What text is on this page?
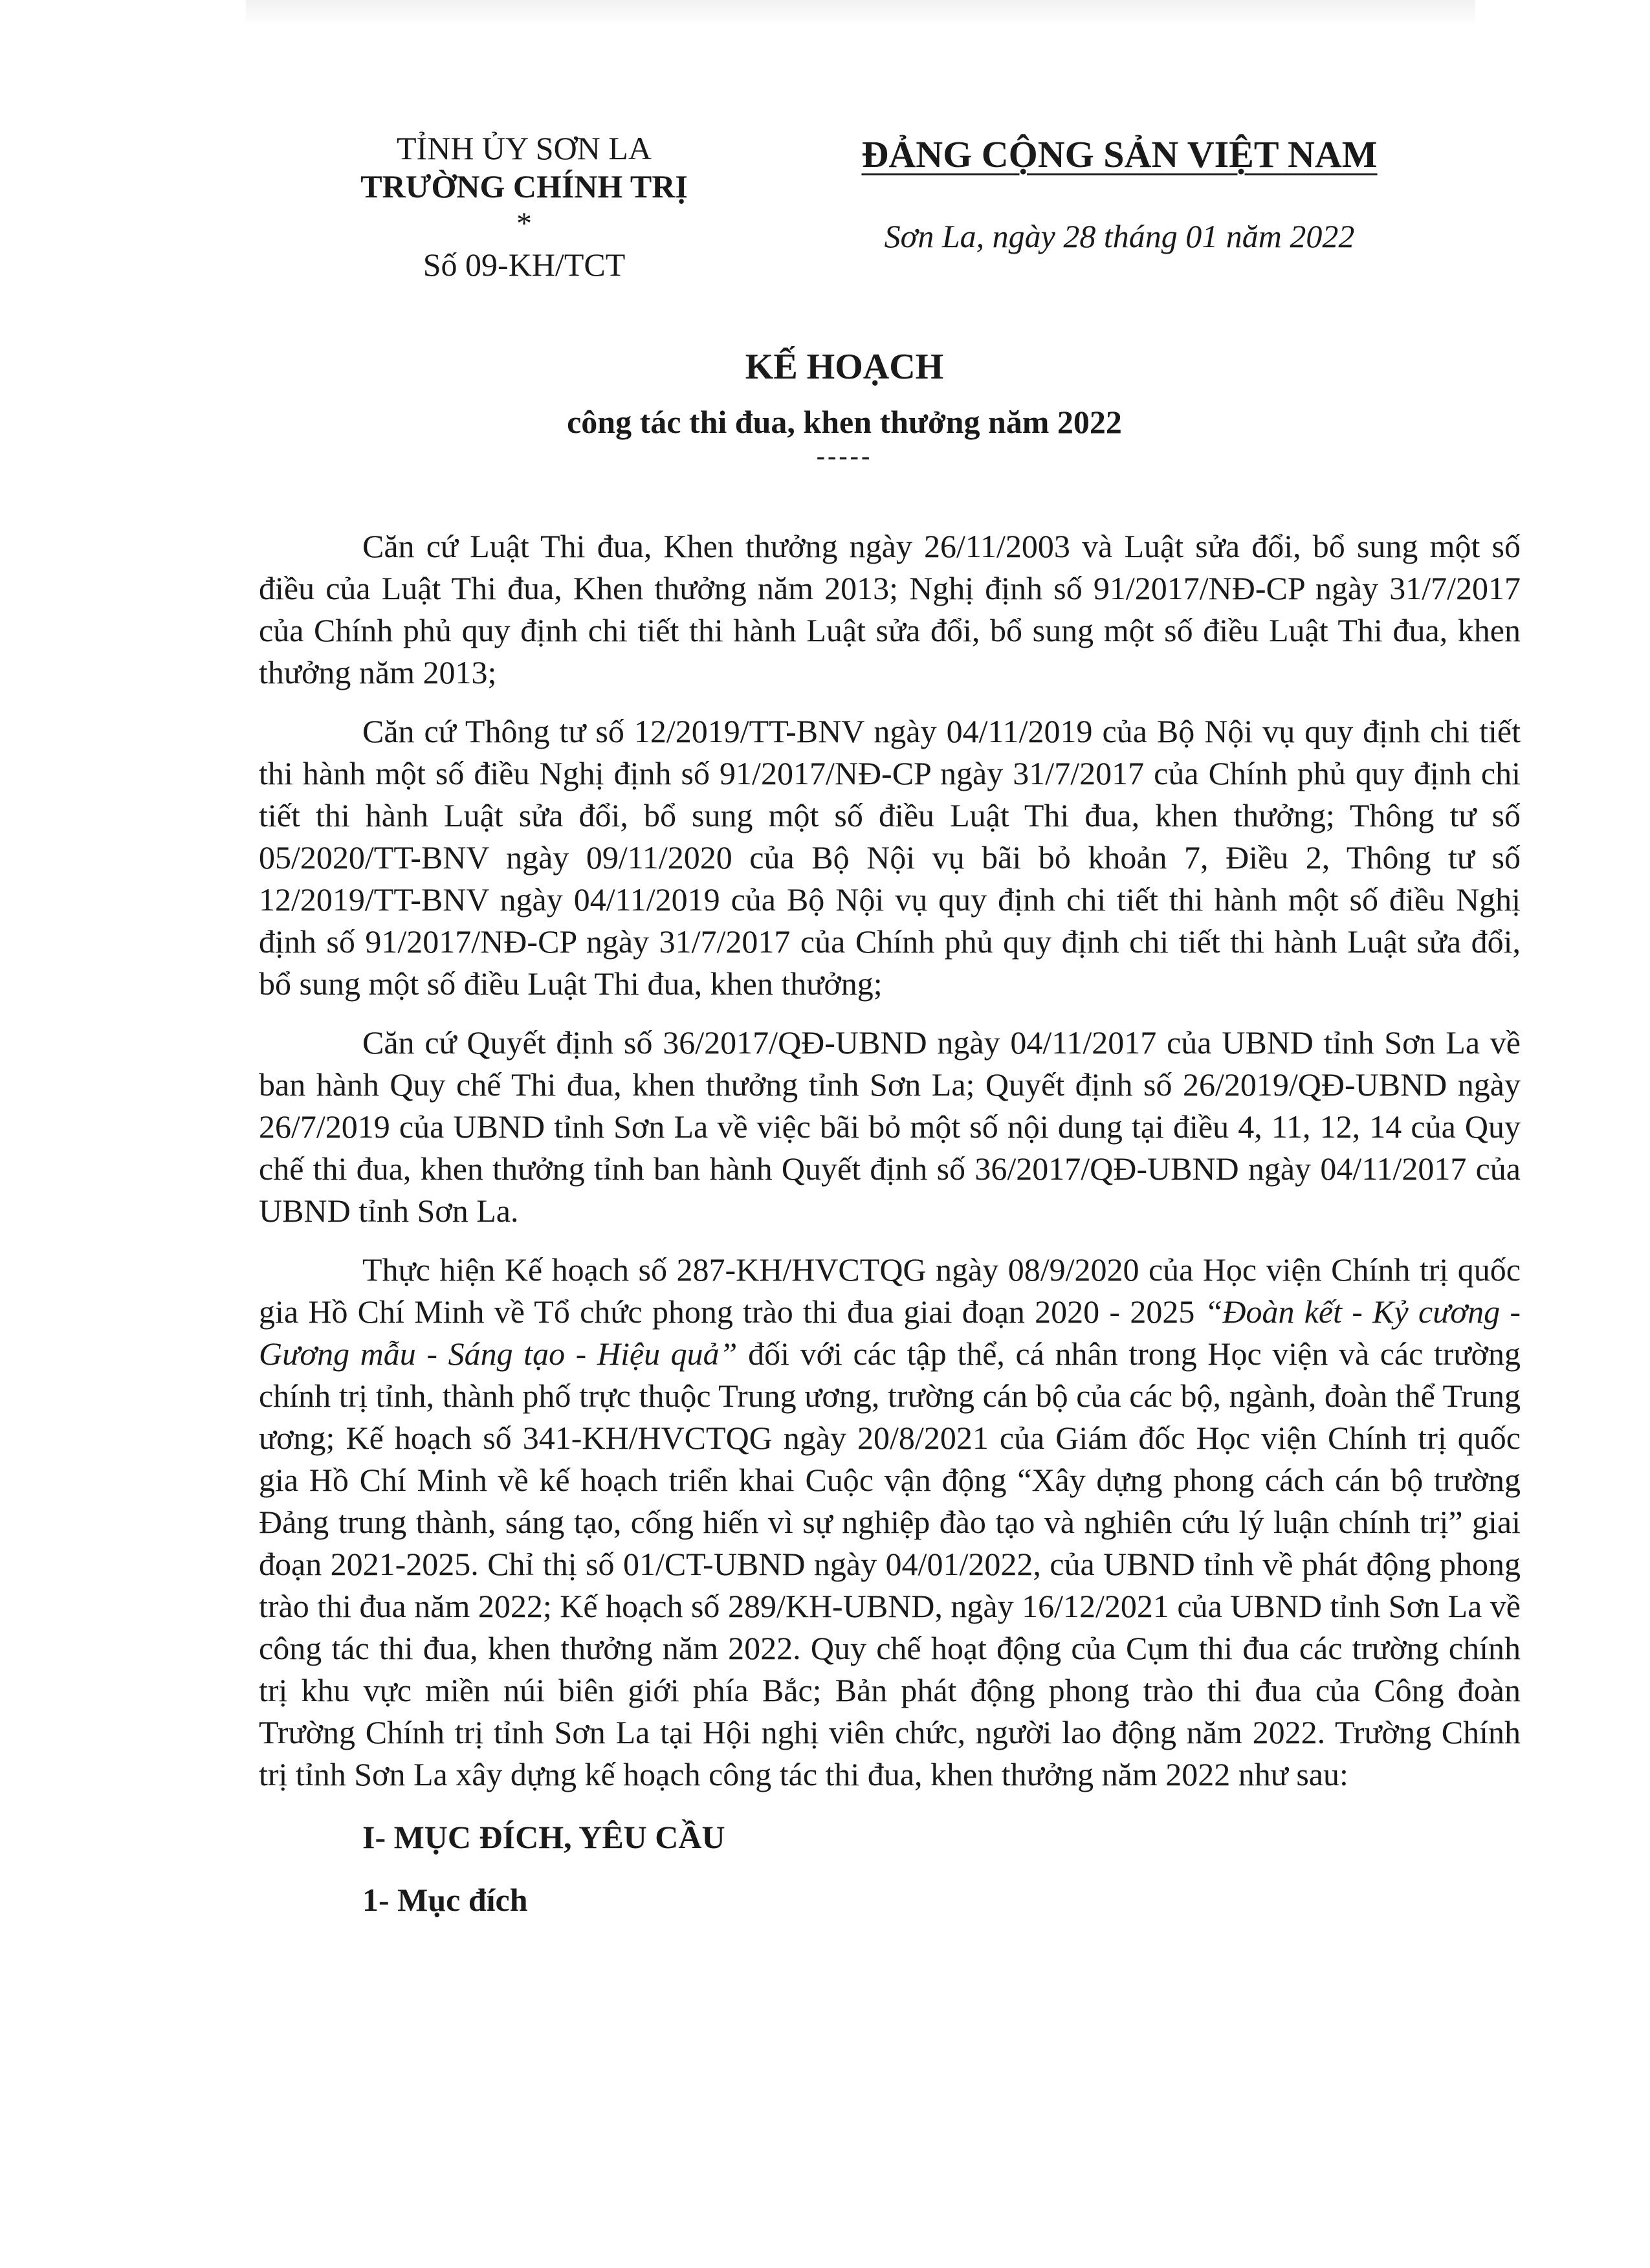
TỈNH ỦY SƠN LA
TRƯỜNG CHÍNH TRỊ
*
Số 09-KH/TCT
ĐẢNG CỘNG SẢN VIỆT NAM
Sơn La, ngày 28 tháng 01 năm 2022
KẾ HOẠCH
công tác thi đua, khen thưởng năm 2022
-----

Căn cứ Luật Thi đua, Khen thưởng ngày 26/11/2003 và Luật sửa đổi, bổ sung một số điều của Luật Thi đua, Khen thưởng năm 2013; Nghị định số 91/2017/NĐ-CP ngày 31/7/2017 của Chính phủ quy định chi tiết thi hành Luật sửa đổi, bổ sung một số điều Luật Thi đua, khen thưởng năm 2013;

Căn cứ Thông tư số 12/2019/TT-BNV ngày 04/11/2019 của Bộ Nội vụ quy định chi tiết thi hành một số điều Nghị định số 91/2017/NĐ-CP ngày 31/7/2017 của Chính phủ quy định chi tiết thi hành Luật sửa đổi, bổ sung một số điều Luật Thi đua, khen thưởng; Thông tư số 05/2020/TT-BNV ngày 09/11/2020 của Bộ Nội vụ bãi bỏ khoản 7, Điều 2, Thông tư số 12/2019/TT-BNV ngày 04/11/2019 của Bộ Nội vụ quy định chi tiết thi hành một số điều Nghị định số 91/2017/NĐ-CP ngày 31/7/2017 của Chính phủ quy định chi tiết thi hành Luật sửa đổi, bổ sung một số điều Luật Thi đua, khen thưởng;

Căn cứ Quyết định số 36/2017/QĐ-UBND ngày 04/11/2017 của UBND tỉnh Sơn La về ban hành Quy chế Thi đua, khen thưởng tỉnh Sơn La; Quyết định số 26/2019/QĐ-UBND ngày 26/7/2019 của UBND tỉnh Sơn La về việc bãi bỏ một số nội dung tại điều 4, 11, 12, 14 của Quy chế thi đua, khen thưởng tỉnh ban hành Quyết định số 36/2017/QĐ-UBND ngày 04/11/2017 của UBND tỉnh Sơn La.

Thực hiện Kế hoạch số 287-KH/HVCTQG ngày 08/9/2020 của Học viện Chính trị quốc gia Hồ Chí Minh về Tổ chức phong trào thi đua giai đoạn 2020 - 2025 “Đoàn kết - Kỷ cương - Gương mẫu - Sáng tạo - Hiệu quả” đối với các tập thể, cá nhân trong Học viện và các trường chính trị tỉnh, thành phố trực thuộc Trung ương, trường cán bộ của các bộ, ngành, đoàn thể Trung ương; Kế hoạch số 341-KH/HVCTQG ngày 20/8/2021 của Giám đốc Học viện Chính trị quốc gia Hồ Chí Minh về kế hoạch triển khai Cuộc vận động “Xây dựng phong cách cán bộ trường Đảng trung thành, sáng tạo, cống hiến vì sự nghiệp đào tạo và nghiên cứu lý luận chính trị” giai đoạn 2021-2025. Chỉ thị số 01/CT-UBND ngày 04/01/2022, của UBND tỉnh về phát động phong trào thi đua năm 2022; Kế hoạch số 289/KH-UBND, ngày 16/12/2021 của UBND tỉnh Sơn La về công tác thi đua, khen thưởng năm 2022. Quy chế hoạt động của Cụm thi đua các trường chính trị khu vực miền núi biên giới phía Bắc; Bản phát động phong trào thi đua của Công đoàn Trường Chính trị tỉnh Sơn La tại Hội nghị viên chức, người lao động năm 2022. Trường Chính trị tỉnh Sơn La xây dựng kế hoạch công tác thi đua, khen thưởng năm 2022 như sau:

I- MỤC ĐÍCH, YÊU CẦU

1- Mục đích
